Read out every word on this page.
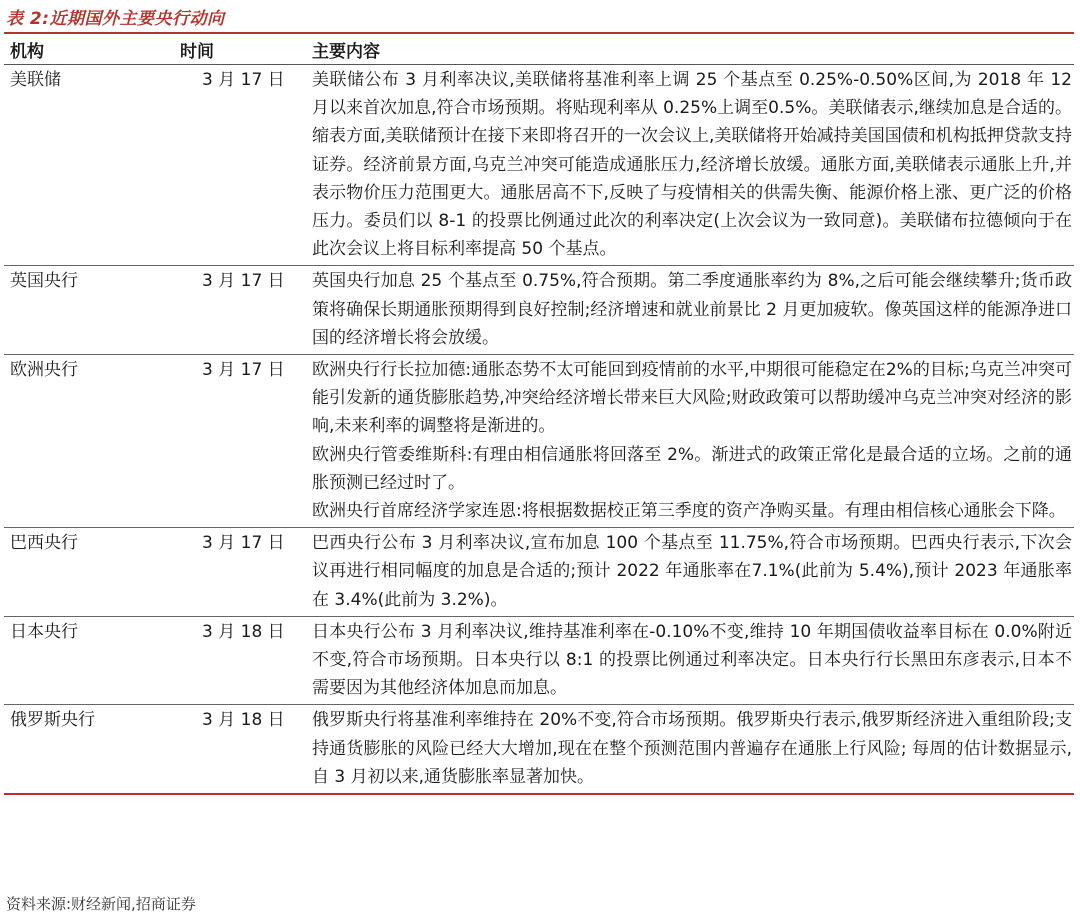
表 2:近期国外主要央行动向
机构	时间	主要内容
美联储	3 月 17 日	美联储公布 3 月利率决议,美联储将基准利率上调 25 个基点至 0.25%-0.50%区间,为 2018 年 12 月以来首次加息,符合市场预期。将贴现利率从 0.25%上调至0.5%。美联储表示,继续加息是合适的。缩表方面,美联储预计在接下来即将召开的一次会议上,美联储将开始减持美国国债和机构抵押贷款支持证券。经济前景方面,乌克兰冲突可能造成通胀压力,经济增长放缓。通胀方面,美联储表示通胀上升,并表示物价压力范围更大。通胀居高不下,反映了与疫情相关的供需失衡、能源价格上涨、更广泛的价格压力。委员们以 8-1 的投票比例通过此次的利率决定(上次会议为一致同意)。美联储布拉德倾向于在此次会议上将目标利率提高 50 个基点。

英国央行	3 月 17 日	英国央行加息 25 个基点至 0.75%,符合预期。第二季度通胀率约为 8%,之后可能会继续攀升;货币政策将确保长期通胀预期得到良好控制;经济增速和就业前景比 2 月更加疲软。像英国这样的能源净进口国的经济增长将会放缓。

欧洲央行	3 月 17 日	欧洲央行行长拉加德:通胀态势不太可能回到疫情前的水平,中期很可能稳定在2%的目标;乌克兰冲突可能引发新的通货膨胀趋势,冲突给经济增长带来巨大风险;财政政策可以帮助缓冲乌克兰冲突对经济的影响,未来利率的调整将是渐进的。
欧洲央行管委维斯科:有理由相信通胀将回落至 2%。渐进式的政策正常化是最合适的立场。之前的通胀预测已经过时了。
欧洲央行首席经济学家连恩:将根据数据校正第三季度的资产净购买量。有理由相信核心通胀会下降。

巴西央行	3 月 17 日	巴西央行公布 3 月利率决议,宣布加息 100 个基点至 11.75%,符合市场预期。巴西央行表示,下次会议再进行相同幅度的加息是合适的;预计 2022 年通胀率在7.1%(此前为 5.4%),预计 2023 年通胀率在 3.4%(此前为 3.2%)。

日本央行	3 月 18 日	日本央行公布 3 月利率决议,维持基准利率在-0.10%不变,维持 10 年期国债收益率目标在 0.0%附近不变,符合市场预期。日本央行以 8:1 的投票比例通过利率决定。日本央行行长黑田东彦表示,日本不需要因为其他经济体加息而加息。

俄罗斯央行	3 月 18 日	俄罗斯央行将基准利率维持在 20%不变,符合市场预期。俄罗斯央行表示,俄罗斯经济进入重组阶段;支持通货膨胀的风险已经大大增加,现在在整个预测范围内普遍存在通胀上行风险; 每周的估计数据显示,自 3 月初以来,通货膨胀率显著加快。
资料来源:财经新闻,招商证券
